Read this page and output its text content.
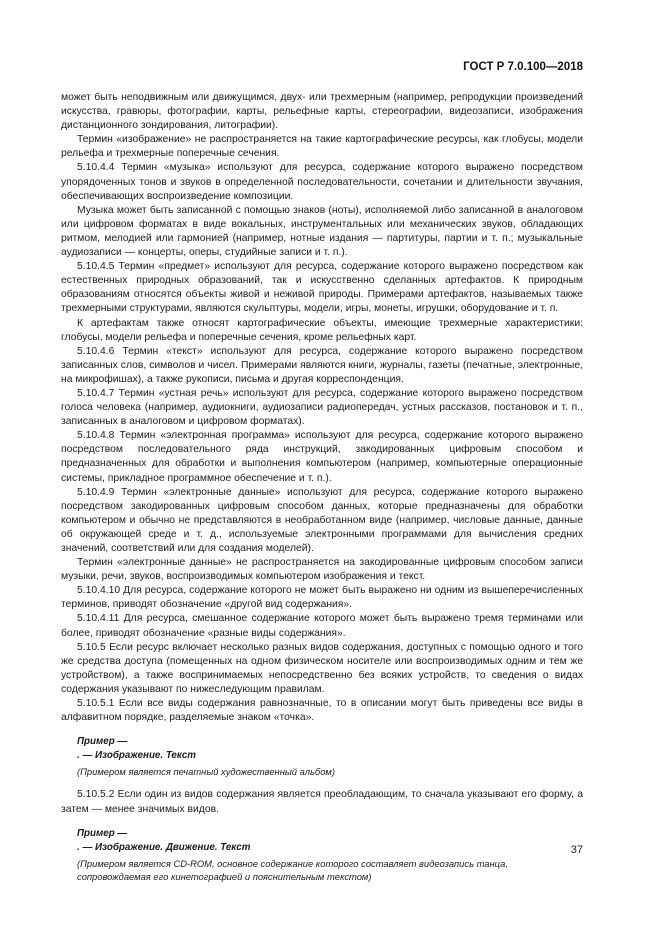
ГОСТ Р 7.0.100—2018

может быть неподвижным или движущимся, двух- или трехмерным (например, репродукции произведений искусства, гравюры, фотографии, карты, рельефные карты, стереографии, видеозаписи, изображения дистанционного зондирования, литографии).

Термин «изображение» не распространяется на такие картографические ресурсы, как глобусы, модели рельефа и трехмерные поперечные сечения.

5.10.4.4 Термин «музыка» используют для ресурса, содержание которого выражено посредством упорядоченных тонов и звуков в определенной последовательности, сочетании и длительности звучания, обеспечивающих воспроизведение композиции.

Музыка может быть записанной с помощью знаков (ноты), исполняемой либо записанной в аналоговом или цифровом форматах в виде вокальных, инструментальных или механических звуков, обладающих ритмом, мелодией или гармонией (например, нотные издания — партитуры, партии и т. п.; музыкальные аудиозаписи — концерты, оперы, студийные записи и т. п.).

5.10.4.5 Термин «предмет» используют для ресурса, содержание которого выражено посредством как естественных природных образований, так и искусственно сделанных артефактов. К природным образованиям относятся объекты живой и неживой природы. Примерами артефактов, называемых также трехмерными структурами, являются скульптуры, модели, игры, монеты, игрушки, оборудование и т. п.

К артефактам также относят картографические объекты, имеющие трехмерные характеристики: глобусы, модели рельефа и поперечные сечения, кроме рельефных карт.

5.10.4.6 Термин «текст» используют для ресурса, содержание которого выражено посредством записанных слов, символов и чисел. Примерами являются книги, журналы, газеты (печатные, электронные, на микрофишах), а также рукописи, письма и другая корреспонденция.

5.10.4.7 Термин «устная речь» используют для ресурса, содержание которого выражено посредством голоса человека (например, аудиокниги, аудиозаписи радиопередач, устных рассказов, постановок и т. п., записанных в аналоговом и цифровом форматах).

5.10.4.8 Термин «электронная программа» используют для ресурса, содержание которого выражено посредством последовательного ряда инструкций, закодированных цифровым способом и предназначенных для обработки и выполнения компьютером (например, компьютерные операционные системы, прикладное программное обеспечение и т. п.).

5.10.4.9 Термин «электронные данные» используют для ресурса, содержание которого выражено посредством закодированных цифровым способом данных, которые предназначены для обработки компьютером и обычно не представляются в необработанном виде (например, числовые данные, данные об окружающей среде и т. д., используемые электронными программами для вычисления средних значений, соответствий или для создания моделей).

Термин «электронные данные» не распространяется на закодированные цифровым способом записи музыки, речи, звуков, воспроизводимых компьютером изображения и текст.

5.10.4.10 Для ресурса, содержание которого не может быть выражено ни одним из вышеперечисленных терминов, приводят обозначение «другой вид содержания».

5.10.4.11 Для ресурса, смешанное содержание которого может быть выражено тремя терминами или более, приводят обозначение «разные виды содержания».

5.10.5 Если ресурс включает несколько разных видов содержания, доступных с помощью одного и того же средства доступа (помещенных на одном физическом носителе или воспроизводимых одним и тем же устройством), а также воспринимаемых непосредственно без всяких устройств, то сведения о видах содержания указывают по нижеследующим правилам.

5.10.5.1 Если все виды содержания равнозначные, то в описании могут быть приведены все виды в алфавитном порядке, разделяемые знаком «точка».

Пример —
. — Изображение. Текст
(Примером является печатный художественный альбом)

5.10.5.2 Если один из видов содержания является преобладающим, то сначала указывают его форму, а затем — менее значимых видов.

Пример —
. — Изображение. Движение. Текст
(Примером является CD-ROM, основное содержание которого составляет видеозапись танца, сопровождаемая его кинетографией и пояснительным текстом)
37
